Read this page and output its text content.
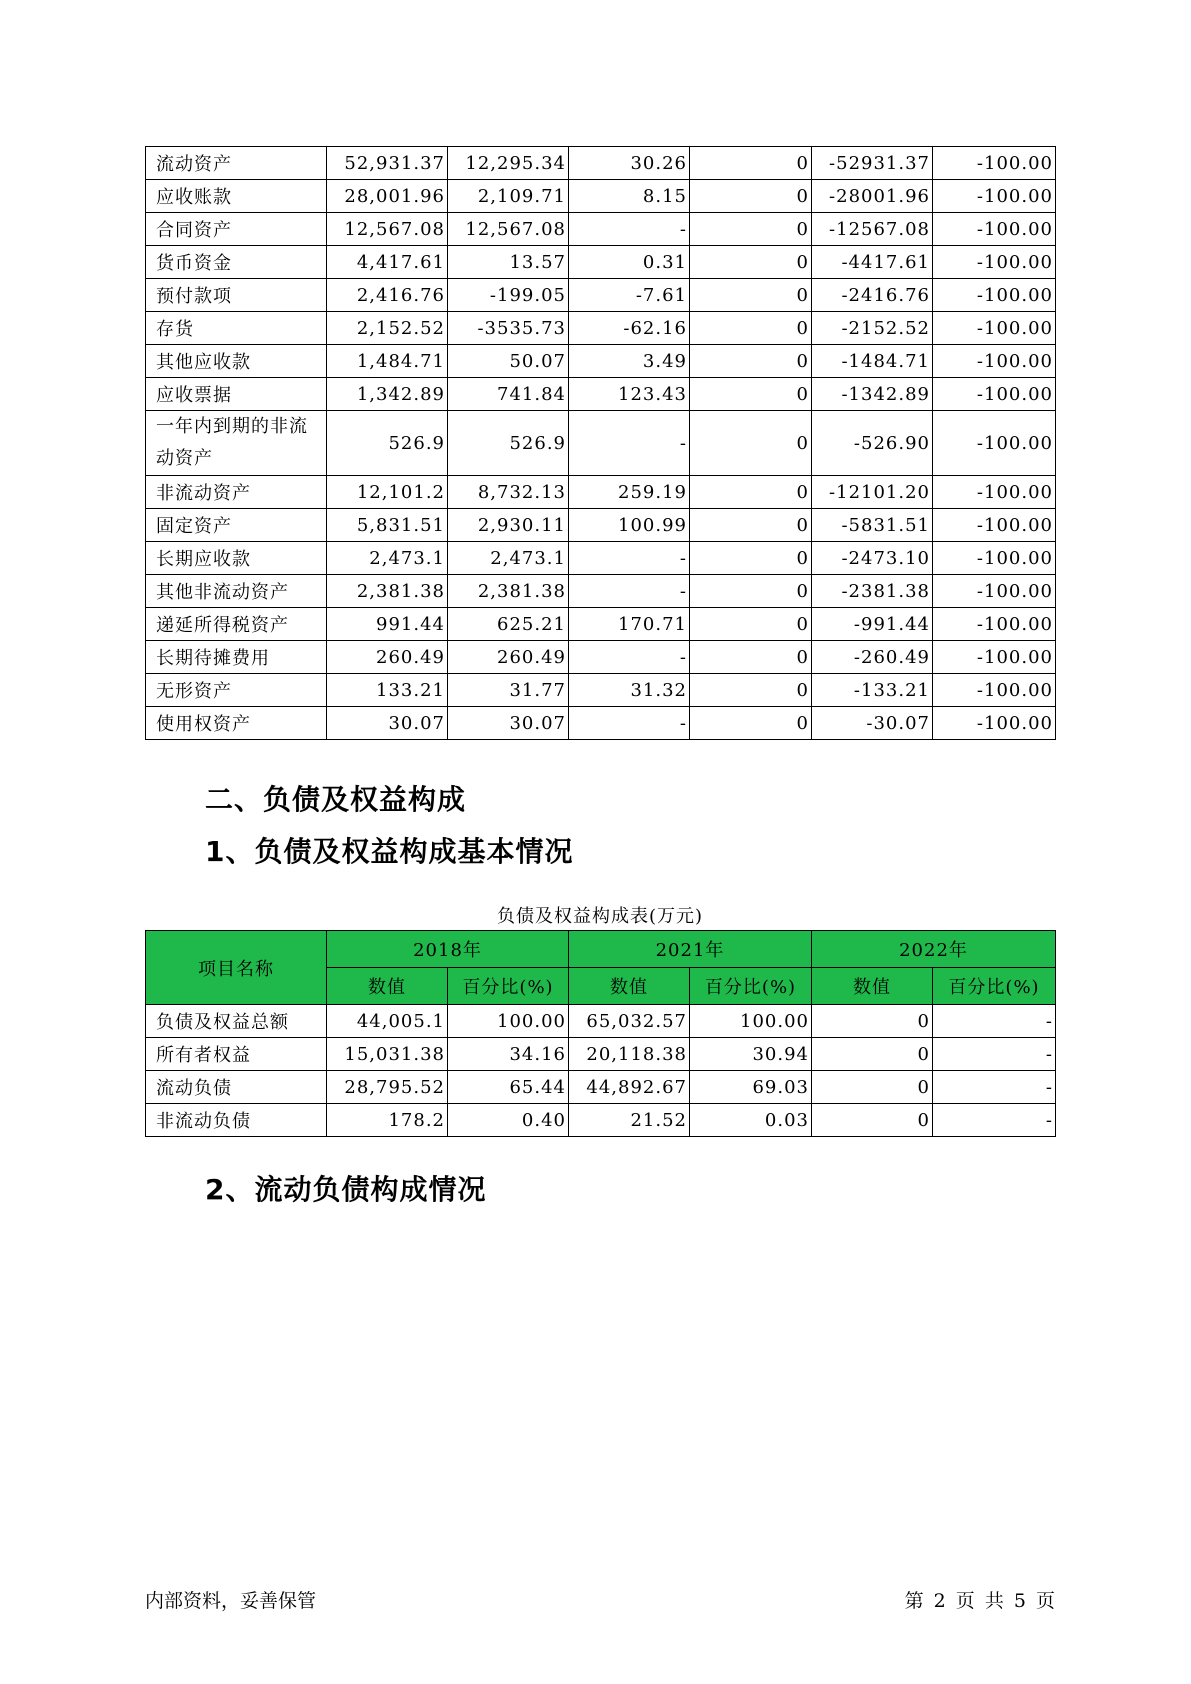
流动资产	52,931.37	12,295.34	30.26	0	-52931.37	-100.00
应收账款	28,001.96	2,109.71	8.15	0	-28001.96	-100.00
合同资产	12,567.08	12,567.08	-	0	-12567.08	-100.00
货币资金	4,417.61	13.57	0.31	0	-4417.61	-100.00
预付款项	2,416.76	-199.05	-7.61	0	-2416.76	-100.00
存货	2,152.52	-3535.73	-62.16	0	-2152.52	-100.00
其他应收款	1,484.71	50.07	3.49	0	-1484.71	-100.00
应收票据	1,342.89	741.84	123.43	0	-1342.89	-100.00
一年内到期的非流动资产	526.9	526.9	-	0	-526.90	-100.00
非流动资产	12,101.2	8,732.13	259.19	0	-12101.20	-100.00
固定资产	5,831.51	2,930.11	100.99	0	-5831.51	-100.00
长期应收款	2,473.1	2,473.1	-	0	-2473.10	-100.00
其他非流动资产	2,381.38	2,381.38	-	0	-2381.38	-100.00
递延所得税资产	991.44	625.21	170.71	0	-991.44	-100.00
长期待摊费用	260.49	260.49	-	0	-260.49	-100.00
无形资产	133.21	31.77	31.32	0	-133.21	-100.00
使用权资产	30.07	30.07	-	0	-30.07	-100.00
二、负债及权益构成
1、负债及权益构成基本情况
负债及权益构成表(万元)
项目名称	2018年		2021年		2022年	
	数值	百分比(%)	数值	百分比(%)	数值	百分比(%)
负债及权益总额	44,005.1	100.00	65,032.57	100.00	0	-
所有者权益	15,031.38	34.16	20,118.38	30.94	0	-
流动负债	28,795.52	65.44	44,892.67	69.03	0	-
非流动负债	178.2	0.40	21.52	0.03	0	-
2、流动负债构成情况
内部资料，妥善保管	第 2 页 共 5 页
